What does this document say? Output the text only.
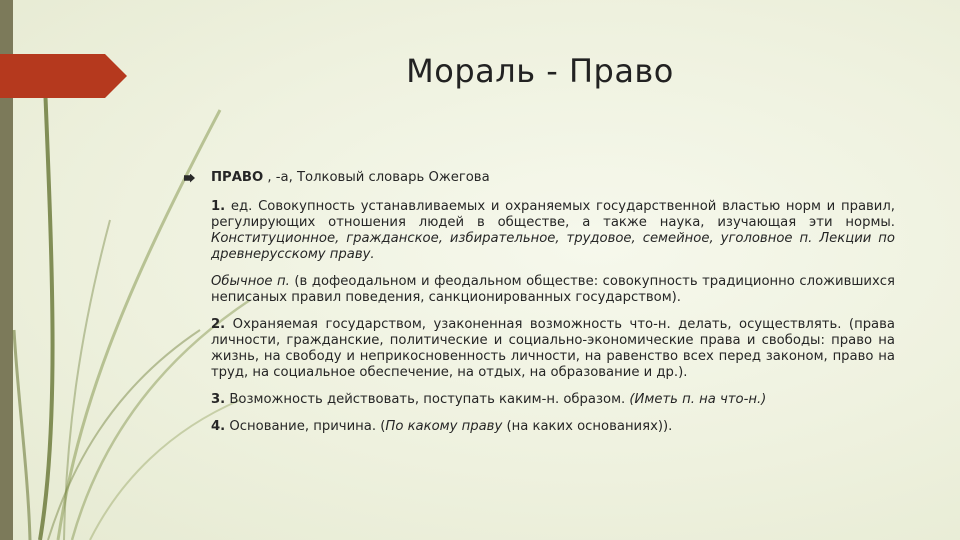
Мораль - Право
ПРАВО , -а, Толковый словарь Ожегова

1. ед. Совокупность устанавливаемых и охраняемых государственной властью норм и правил, регулирующих отношения людей в обществе, а также наука, изучающая эти нормы. Конституционное, гражданское, избирательное, трудовое, семейное, уголовное п. Лекции по древнерусскому праву.

Обычное п. (в дофеодальном и феодальном обществе: совокупность традиционно сложившихся неписаных правил поведения, санкционированных государством).

2. Охраняемая государством, узаконенная возможность что-н. делать, осуществлять. (права личности, гражданские, политические и социально-экономические права и свободы: право на жизнь, на свободу и неприкосновенность личности, на равенство всех перед законом, право на труд, на социальное обеспечение, на отдых, на образование и др.).

3. Возможность действовать, поступать каким-н. образом. (Иметь п. на что-н.)

4. Основание, причина. (По какому праву (на каких основаниях)).
